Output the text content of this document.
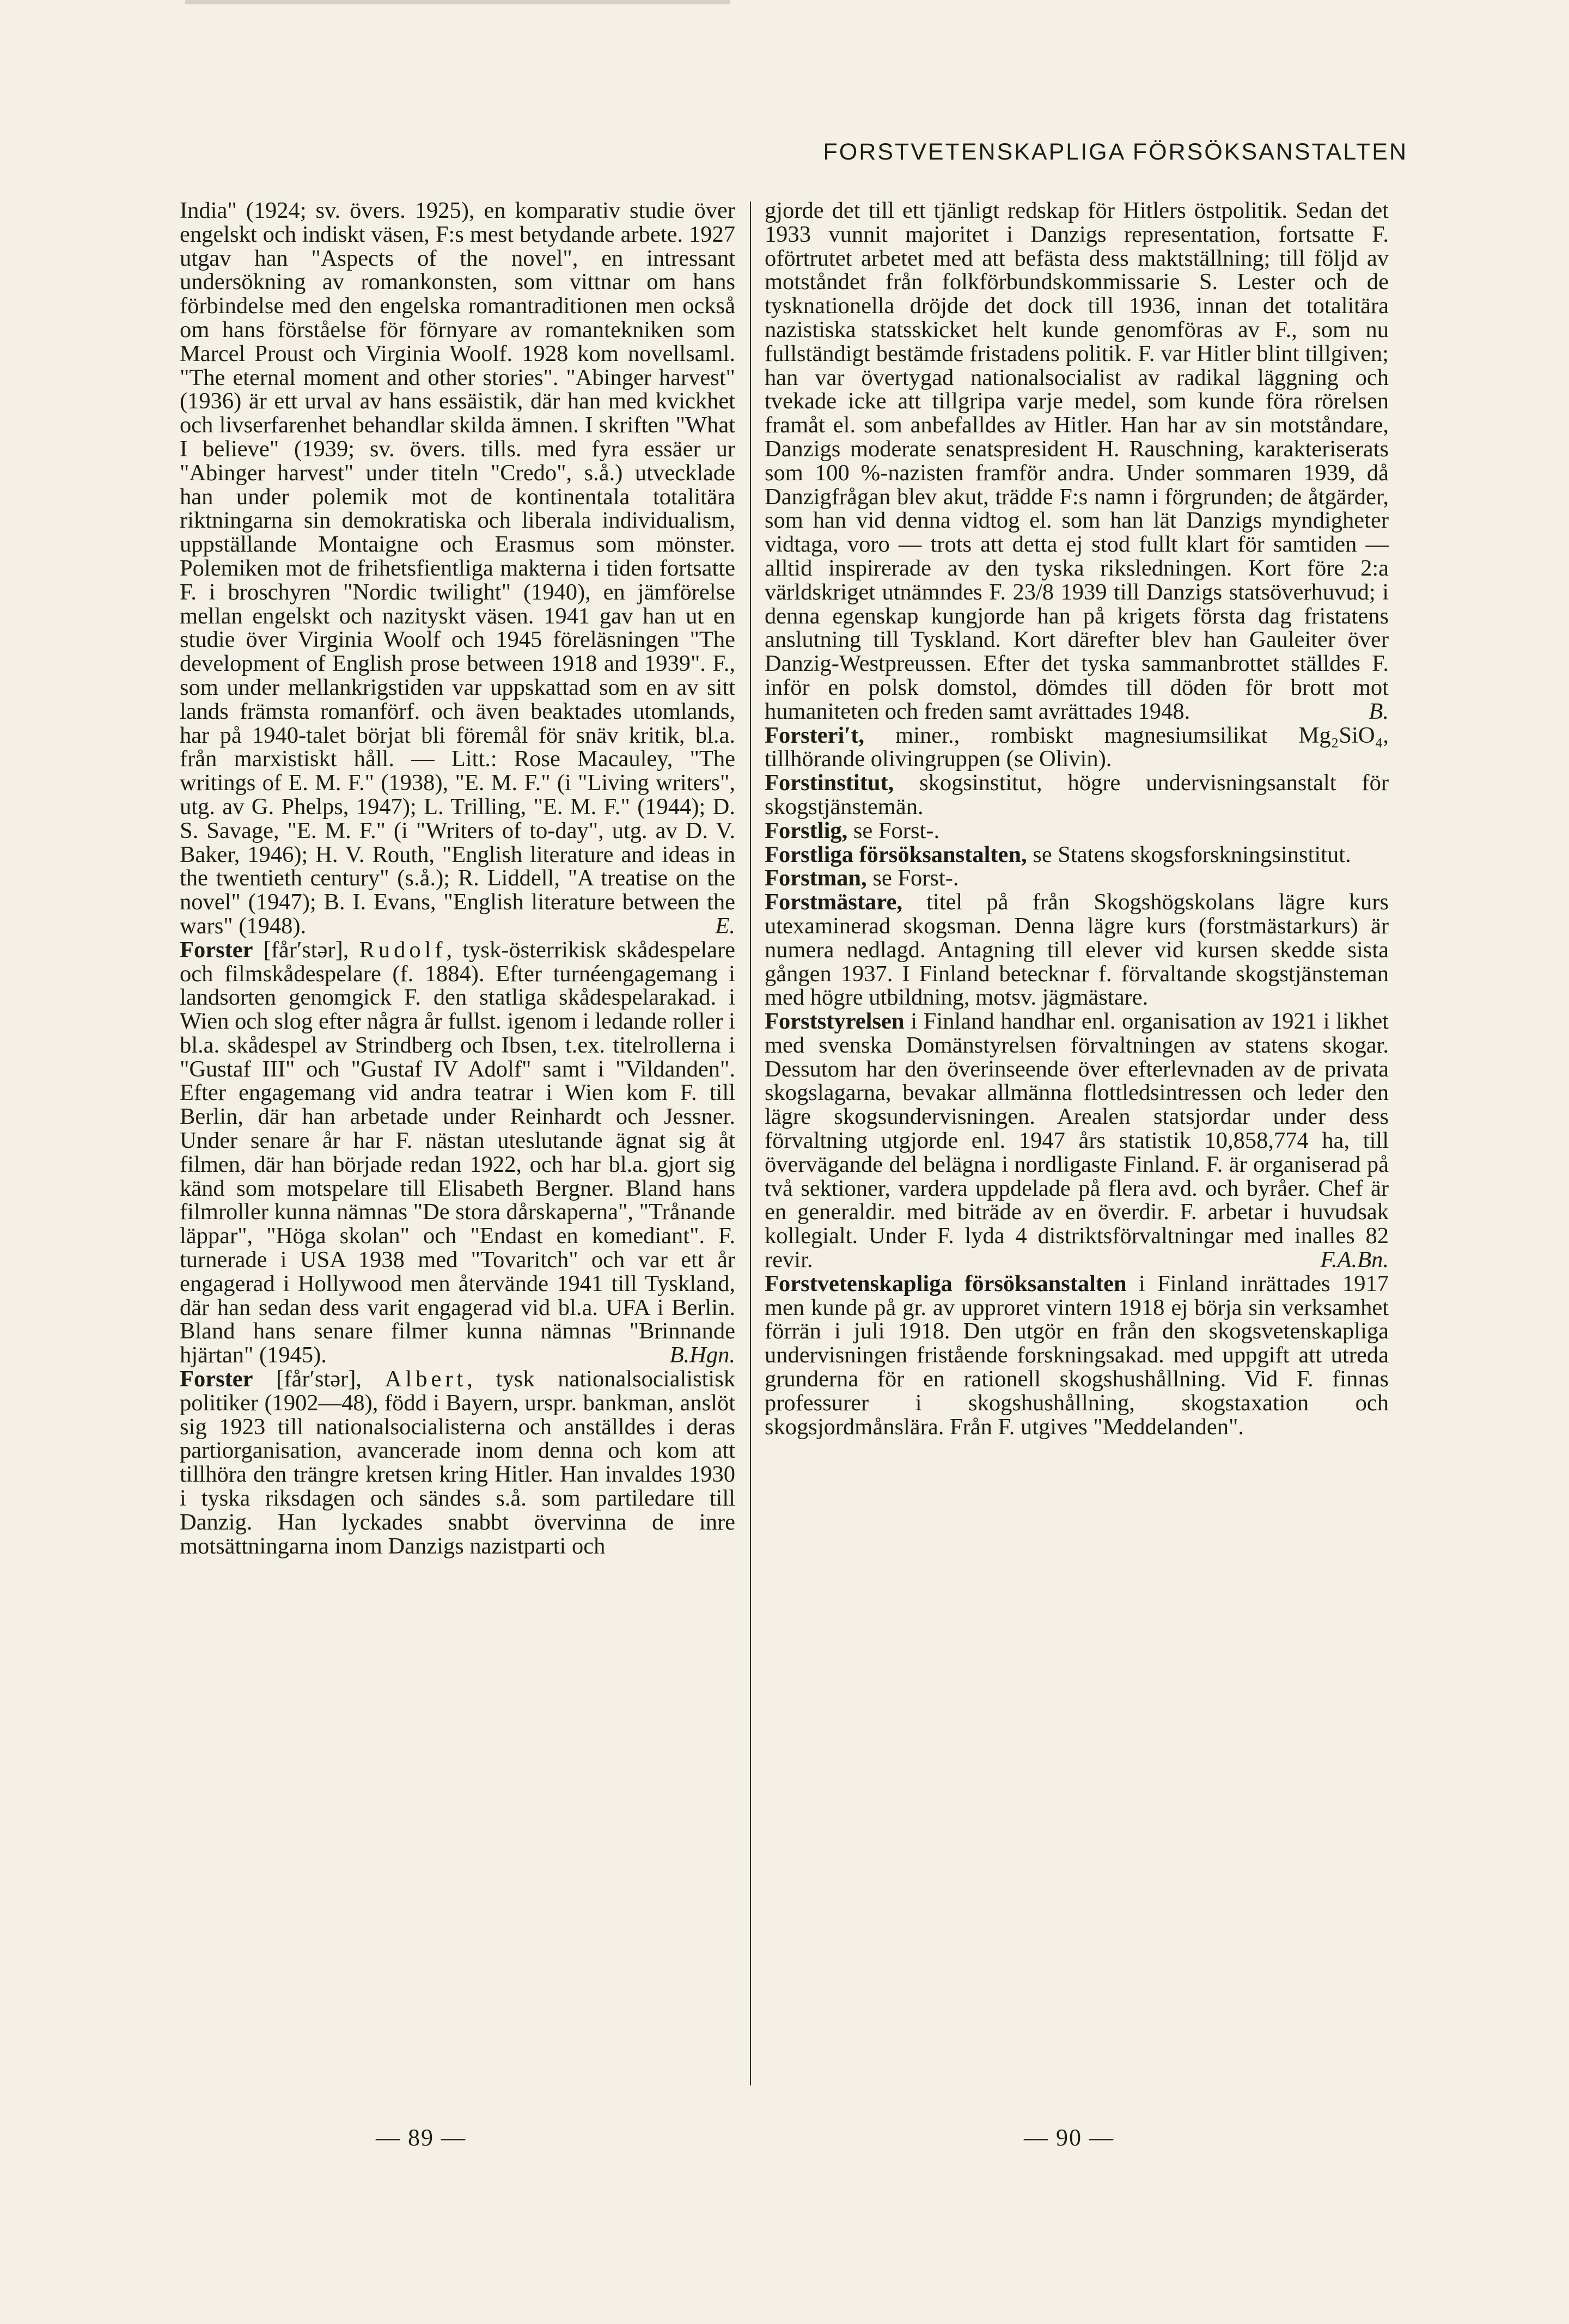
FORSTVETENSKAPLIGA FÖRSÖKSANSTALTEN

India" (1924; sv. övers. 1925), en komparativ studie över engelskt och indiskt väsen, F:s mest betydande arbete. 1927 utgav han "Aspects of the novel", en intressant undersökning av romankonsten, som vittnar om hans förbindelse med den engelska romantraditionen men också om hans förståelse för förnyare av romantekniken som Marcel Proust och Virginia Woolf. 1928 kom novellsaml. "The eternal moment and other stories". "Abinger harvest" (1936) är ett urval av hans essäistik, där han med kvickhet och livserfarenhet behandlar skilda ämnen. I skriften "What I believe" (1939; sv. övers. tills. med fyra essäer ur "Abinger harvest" under titeln "Credo", s.å.) utvecklade han under polemik mot de kontinentala totalitära riktningarna sin demokratiska och liberala individualism, uppställande Montaigne och Erasmus som mönster. Polemiken mot de frihetsfientliga makterna i tiden fortsatte F. i broschyren "Nordic twilight" (1940), en jämförelse mellan engelskt och nazityskt väsen. 1941 gav han ut en studie över Virginia Woolf och 1945 föreläsningen "The development of English prose between 1918 and 1939". F., som under mellankrigstiden var uppskattad som en av sitt lands främsta romanförf. och även beaktades utomlands, har på 1940-talet börjat bli föremål för snäv kritik, bl.a. från marxistiskt håll. — Litt.: Rose Macauley, "The writings of E. M. F." (1938), "E. M. F." (i "Living writers", utg. av G. Phelps, 1947); L. Trilling, "E. M. F." (1944); D. S. Savage, "E. M. F." (i "Writers of to-day", utg. av D. V. Baker, 1946); H. V. Routh, "English literature and ideas in the twentieth century" (s.å.); R. Liddell, "A treatise on the novel" (1947); B. I. Evans, "English literature between the wars" (1948).	E.

Forster [får′stər], Rudolf, tysk-österrikisk skådespelare och filmskådespelare (f. 1884). Efter turnéengagemang i landsorten genomgick F. den statliga skådespelarakad. i Wien och slog efter några år fullst. igenom i ledande roller i bl.a. skådespel av Strindberg och Ibsen, t.ex. titelrollerna i "Gustaf III" och "Gustaf IV Adolf" samt i "Vildanden". Efter engagemang vid andra teatrar i Wien kom F. till Berlin, där han arbetade under Reinhardt och Jessner. Under senare år har F. nästan uteslutande ägnat sig åt filmen, där han började redan 1922, och har bl.a. gjort sig känd som motspelare till Elisabeth Bergner. Bland hans filmroller kunna nämnas "De stora dårskaperna", "Trånande läppar", "Höga skolan" och "Endast en komediant". F. turnerade i USA 1938 med "Tovaritch" och var ett år engagerad i Hollywood men återvände 1941 till Tyskland, där han sedan dess varit engagerad vid bl.a. UFA i Berlin. Bland hans senare filmer kunna nämnas "Brinnande hjärtan" (1945).	B.Hgn.

Forster [får′stər], Albert, tysk nationalsocialistisk politiker (1902—48), född i Bayern, urspr. bankman, anslöt sig 1923 till nationalsocialisterna och anställdes i deras partiorganisation, avancerade inom denna och kom att tillhöra den trängre kretsen kring Hitler. Han invaldes 1930 i tyska riksdagen och sändes s.å. som partiledare till Danzig. Han lyckades snabbt övervinna de inre motsättningarna inom Danzigs nazistparti och

gjorde det till ett tjänligt redskap för Hitlers östpolitik. Sedan det 1933 vunnit majoritet i Danzigs representation, fortsatte F. oförtrutet arbetet med att befästa dess maktställning; till följd av motståndet från folkförbundskommissarie S. Lester och de tysknationella dröjde det dock till 1936, innan det totalitära nazistiska statsskicket helt kunde genomföras av F., som nu fullständigt bestämde fristadens politik. F. var Hitler blint tillgiven; han var övertygad nationalsocialist av radikal läggning och tvekade icke att tillgripa varje medel, som kunde föra rörelsen framåt el. som anbefalldes av Hitler. Han har av sin motståndare, Danzigs moderate senatspresident H. Rauschning, karakteriserats som 100 %-nazisten framför andra. Under sommaren 1939, då Danzigfrågan blev akut, trädde F:s namn i förgrunden; de åtgärder, som han vid denna vidtog el. som han lät Danzigs myndigheter vidtaga, voro — trots att detta ej stod fullt klart för samtiden — alltid inspirerade av den tyska riksledningen. Kort före 2:a världskriget utnämndes F. 23/8 1939 till Danzigs statsöverhuvud; i denna egenskap kungjorde han på krigets första dag fristatens anslutning till Tyskland. Kort därefter blev han Gauleiter över Danzig-Westpreussen. Efter det tyska sammanbrottet ställdes F. inför en polsk domstol, dömdes till döden för brott mot humaniteten och freden samt avrättades 1948.	B.

Forsteri′t, miner., rombiskt magnesiumsilikat Mg₂SiO₄, tillhörande olivingruppen (se Olivin).

Forstinstitut, skogsinstitut, högre undervisningsanstalt för skogstjänstemän.

Forstlig, se Forst-.

Forstliga försöksanstalten, se Statens skogsforskningsinstitut.

Forstman, se Forst-.

Forstmästare, titel på från Skogshögskolans lägre kurs utexaminerad skogsman. Denna lägre kurs (forstmästarkurs) är numera nedlagd. Antagning till elever vid kursen skedde sista gången 1937. I Finland betecknar f. förvaltande skogstjänsteman med högre utbildning, motsv. jägmästare.

Forststyrelsen i Finland handhar enl. organisation av 1921 i likhet med svenska Domänstyrelsen förvaltningen av statens skogar. Dessutom har den överinseende över efterlevnaden av de privata skogslagarna, bevakar allmänna flottledsintressen och leder den lägre skogsundervisningen. Arealen statsjordar under dess förvaltning utgjorde enl. 1947 års statistik 10,858,774 ha, till övervägande del belägna i nordligaste Finland. F. är organiserad på två sektioner, vardera uppdelade på flera avd. och byråer. Chef är en generaldir. med biträde av en överdir. F. arbetar i huvudsak kollegialt. Under F. lyda 4 distriktsförvaltningar med inalles 82 revir.	F.A.Bn.

Forstvetenskapliga försöksanstalten i Finland inrättades 1917 men kunde på gr. av upproret vintern 1918 ej börja sin verksamhet förrän i juli 1918. Den utgör en från den skogsvetenskapliga undervisningen fristående forskningsakad. med uppgift att utreda grunderna för en rationell skogshushållning. Vid F. finnas professurer i skogshushållning, skogstaxation och skogsjordmånslära. Från F. utgives "Meddelanden".

— 89 —	— 90 —
